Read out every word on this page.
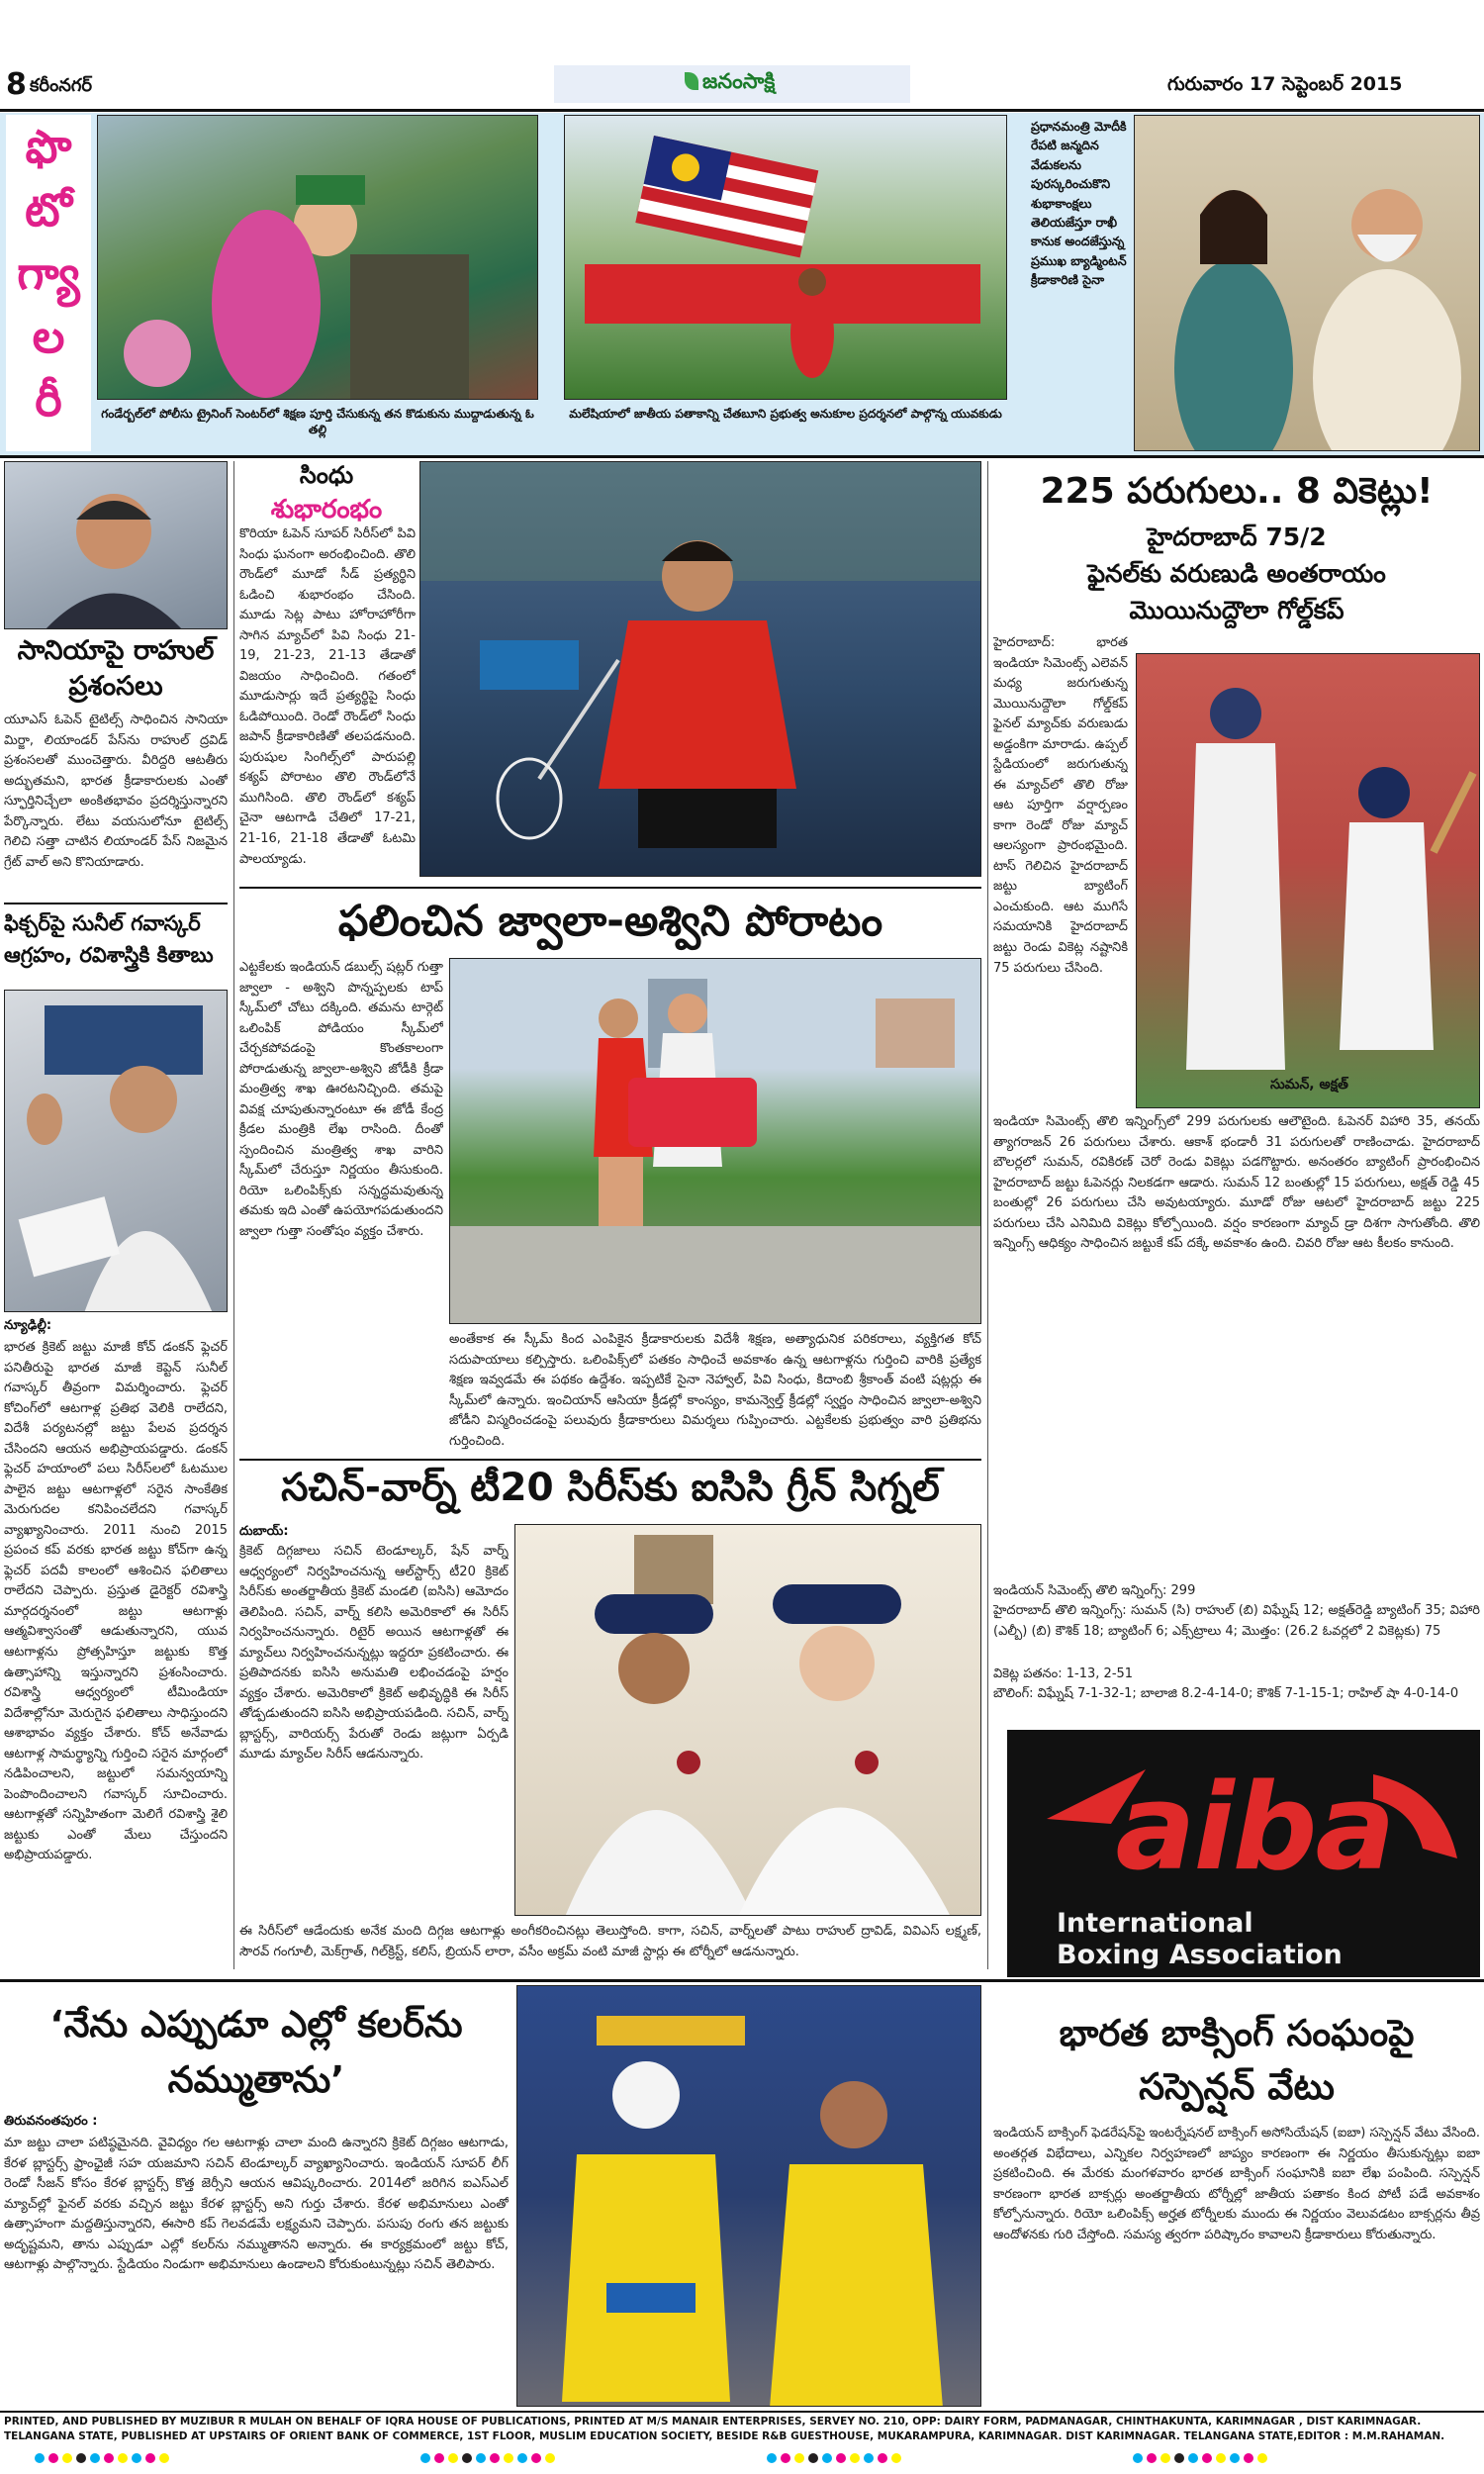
8 కరీంనగర్	జనంసాక్షి	గురువారం 17 సెప్టెంబర్ 2015
ఫొ
టో
గ్యా
ల
రీ	గండేర్బల్‌లో పోలీసు ట్రైనింగ్ సెంటర్‌లో శిక్షణ పూర్తి చేసుకున్న తన కొడుకును ముద్దాడుతున్న ఓ తల్లి
మలేషియాలో జాతీయ పతాకాన్ని చేతబూని ప్రభుత్వ అనుకూల ప్రదర్శనలో పాల్గొన్న యువకుడు
ప్రధానమంత్రి మోదీకి రేపటి జన్మదిన వేడుకలను పురస్కరించుకొని శుభాకాంక్షలు తెలియజేస్తూ రాఖీ కానుక అందజేస్తున్న ప్రముఖ బ్యాడ్మింటన్ క్రీడాకారిణి సైనా
సానియాపై రాహుల్ ప్రశంసలు
యూఎస్ ఓపెన్ టైటిల్స్ సాధించిన సానియా మిర్జా, లియాండర్ పేస్‌ను రాహుల్ ద్రవిడ్ ప్రశంసలతో ముంచెత్తారు. వీరిద్దరి ఆటతీరు అద్భుతమని, భారత క్రీడాకారులకు ఎంతో స్ఫూర్తినిచ్చేలా అంకితభావం ప్రదర్శిస్తున్నారని పేర్కొన్నారు. లేటు వయసులోనూ టైటిల్స్ గెలిచి సత్తా చాటిన లియాండర్ పేస్ నిజమైన గ్రేట్ వాల్ అని కొనియాడారు.
ఫిక్చర్‌పై సునీల్ గవాస్కర్
ఆగ్రహం, రవిశాస్త్రికి కితాబు
న్యూఢిల్లీ:
భారత క్రికెట్ జట్టు మాజీ కోచ్ డంకన్ ఫ్లెచర్ పనితీరుపై భారత మాజీ కెప్టెన్ సునీల్ గవాస్కర్ తీవ్రంగా విమర్శించారు. ఫ్లెచర్ కోచింగ్‌లో ఆటగాళ్ల ప్రతిభ వెలికి రాలేదని, విదేశీ పర్యటనల్లో జట్టు పేలవ ప్రదర్శన చేసిందని ఆయన అభిప్రాయపడ్డారు. డంకన్ ఫ్లెచర్ హయాంలో పలు సిరీస్‌లలో ఓటముల పాలైన జట్టు ఆటగాళ్లలో సరైన సాంకేతిక మెరుగుదల కనిపించలేదని గవాస్కర్ వ్యాఖ్యానించారు. 2011 నుంచి 2015 ప్రపంచ కప్ వరకు భారత జట్టు కోచ్‌గా ఉన్న ఫ్లెచర్ పదవీ కాలంలో ఆశించిన ఫలితాలు రాలేదని చెప్పారు. ప్రస్తుత డైరెక్టర్ రవిశాస్త్రి మార్గదర్శనంలో జట్టు ఆటగాళ్లు ఆత్మవిశ్వాసంతో ఆడుతున్నారని, యువ ఆటగాళ్లను ప్రోత్సహిస్తూ జట్టుకు కొత్త ఉత్సాహాన్ని ఇస్తున్నారని ప్రశంసించారు. రవిశాస్త్రి ఆధ్వర్యంలో టీమిండియా విదేశాల్లోనూ మెరుగైన ఫలితాలు సాధిస్తుందని ఆశాభావం వ్యక్తం చేశారు. కోచ్ అనేవాడు ఆటగాళ్ల సామర్థ్యాన్ని గుర్తించి సరైన మార్గంలో నడిపించాలని, జట్టులో సమన్వయాన్ని పెంపొందించాలని గవాస్కర్ సూచించారు. ఆటగాళ్లతో సన్నిహితంగా మెలిగే రవిశాస్త్రి శైలి జట్టుకు ఎంతో మేలు చేస్తుందని అభిప్రాయపడ్డారు.
సింధు
శుభారంభం
కొరియా ఓపెన్ సూపర్ సిరీస్‌లో పివి సింధు ఘనంగా అరంభించింది. తొలి రౌండ్‌లో మూడో సీడ్ ప్రత్యర్థిని ఓడించి శుభారంభం చేసింది. మూడు సెట్ల పాటు హోరాహోరీగా సాగిన మ్యాచ్‌లో పివి సింధు 21-19, 21-23, 21-13 తేడాతో విజయం సాధించింది. గతంలో మూడుసార్లు ఇదే ప్రత్యర్థిపై సింధు ఓడిపోయింది. రెండో రౌండ్‌లో సింధు జపాన్ క్రీడాకారిణితో తలపడనుంది. పురుషుల సింగిల్స్‌లో పారుపల్లి కశ్యప్ పోరాటం తొలి రౌండ్‌లోనే ముగిసింది. తొలి రౌండ్‌లో కశ్యప్ చైనా ఆటగాడి చేతిలో 17-21, 21-16, 21-18 తేడాతో ఓటమి పాలయ్యాడు.
ఫలించిన జ్వాలా-అశ్విని పోరాటం
ఎట్టకేలకు ఇండియన్ డబుల్స్ షట్లర్ గుత్తా జ్వాలా - అశ్విని పొన్నప్పలకు టాప్ స్కీమ్‌లో చోటు దక్కింది. తమను టార్గెట్ ఒలింపిక్ పోడియం స్కీమ్‌లో చేర్చకపోవడంపై కొంతకాలంగా పోరాడుతున్న జ్వాలా-అశ్విని జోడీకి క్రీడా మంత్రిత్వ శాఖ ఊరటనిచ్చింది. తమపై వివక్ష చూపుతున్నారంటూ ఈ జోడీ కేంద్ర క్రీడల మంత్రికి లేఖ రాసింది. దీంతో స్పందించిన మంత్రిత్వ శాఖ వారిని స్కీమ్‌లో చేరుస్తూ నిర్ణయం తీసుకుంది. రియో ఒలింపిక్స్‌కు సన్నద్ధమవుతున్న తమకు ఇది ఎంతో ఉపయోగపడుతుందని జ్వాలా గుత్తా సంతోషం వ్యక్తం చేశారు.
అంతేకాక ఈ స్కీమ్ కింద ఎంపికైన క్రీడాకారులకు విదేశీ శిక్షణ, అత్యాధునిక పరికరాలు, వ్యక్తిగత కోచ్ సదుపాయాలు కల్పిస్తారు. ఒలింపిక్స్‌లో పతకం సాధించే అవకాశం ఉన్న ఆటగాళ్లను గుర్తించి వారికి ప్రత్యేక శిక్షణ ఇవ్వడమే ఈ పథకం ఉద్దేశం. ఇప్పటికే సైనా నెహ్వాల్, పివి సింధు, కిదాంబి శ్రీకాంత్ వంటి షట్లర్లు ఈ స్కీమ్‌లో ఉన్నారు. ఇంచియాన్ ఆసియా క్రీడల్లో కాంస్యం, కామన్వెల్త్ క్రీడల్లో స్వర్ణం సాధించిన జ్వాలా-అశ్విని జోడీని విస్మరించడంపై పలువురు క్రీడాకారులు విమర్శలు గుప్పించారు. ఎట్టకేలకు ప్రభుత్వం వారి ప్రతిభను గుర్తించింది.
సచిన్-వార్న్ టీ20 సిరీస్‌కు ఐసిసి గ్రీన్ సిగ్నల్
దుబాయ్:
క్రికెట్ దిగ్గజాలు సచిన్ టెండూల్కర్, షేన్ వార్న్ ఆధ్వర్యంలో నిర్వహించనున్న ఆల్‌స్టార్స్ టీ20 క్రికెట్ సిరీస్‌కు అంతర్జాతీయ క్రికెట్ మండలి (ఐసిసి) ఆమోదం తెలిపింది. సచిన్, వార్న్ కలిసి అమెరికాలో ఈ సిరీస్ నిర్వహించనున్నారు. రిటైర్ అయిన ఆటగాళ్లతో ఈ మ్యాచ్‌లు నిర్వహించనున్నట్లు ఇద్దరూ ప్రకటించారు. ఈ ప్రతిపాదనకు ఐసిసి అనుమతి లభించడంపై హర్షం వ్యక్తం చేశారు. అమెరికాలో క్రికెట్ అభివృద్ధికి ఈ సిరీస్ తోడ్పడుతుందని ఐసిసి అభిప్రాయపడింది. సచిన్, వార్న్ బ్లాస్టర్స్, వారియర్స్ పేరుతో రెండు జట్లుగా ఏర్పడి మూడు మ్యాచ్‌ల సిరీస్ ఆడనున్నారు.
ఈ సిరీస్‌లో ఆడేందుకు అనేక మంది దిగ్గజ ఆటగాళ్లు అంగీకరించినట్లు తెలుస్తోంది. కాగా, సచిన్, వార్న్‌లతో పాటు రాహుల్ ద్రావిడ్, వివిఎస్ లక్ష్మణ్, సౌరవ్ గంగూలీ, మెక్‌గ్రాత్, గిల్‌క్రిస్ట్, కలిస్, బ్రియన్ లారా, వసీం అక్రమ్ వంటి మాజీ స్టార్లు ఈ టోర్నీలో ఆడనున్నారు.
225 పరుగులు.. 8 వికెట్లు!
హైదరాబాద్ 75/2
ఫైనల్‌కు వరుణుడి అంతరాయం
మొయినుద్దౌలా గోల్డ్‌కప్
హైదరాబాద్: భారత ఇండియా సిమెంట్స్ ఎలెవన్ మధ్య జరుగుతున్న మొయినుద్దౌలా గోల్డ్‌కప్ ఫైనల్ మ్యాచ్‌కు వరుణుడు అడ్డంకిగా మారాడు. ఉప్పల్ స్టేడియంలో జరుగుతున్న ఈ మ్యాచ్‌లో తొలి రోజు ఆట పూర్తిగా వర్షార్పణం కాగా రెండో రోజు మ్యాచ్ ఆలస్యంగా ప్రారంభమైంది. టాస్ గెలిచిన హైదరాబాద్ జట్టు బ్యాటింగ్ ఎంచుకుంది. ఆట ముగిసే సమయానికి హైదరాబాద్ జట్టు రెండు వికెట్ల నష్టానికి 75 పరుగులు చేసింది.
సుమన్, అక్షత్
ఇండియా సిమెంట్స్ తొలి ఇన్నింగ్స్‌లో 299 పరుగులకు ఆలౌటైంది. ఓపెనర్ విహారి 35, తనయ్ త్యాగరాజన్ 26 పరుగులు చేశారు. ఆకాశ్ భండారీ 31 పరుగులతో రాణించాడు. హైదరాబాద్ బౌలర్లలో సుమన్, రవికిరణ్ చెరో రెండు వికెట్లు పడగొట్టారు. అనంతరం బ్యాటింగ్ ప్రారంభించిన హైదరాబాద్ జట్టు ఓపెనర్లు నిలకడగా ఆడారు. సుమన్ 12 బంతుల్లో 15 పరుగులు, అక్షత్ రెడ్డి 45 బంతుల్లో 26 పరుగులు చేసి అవుటయ్యారు. మూడో రోజు ఆటలో హైదరాబాద్ జట్టు 225 పరుగులు చేసి ఎనిమిది వికెట్లు కోల్పోయింది. వర్షం కారణంగా మ్యాచ్ డ్రా దిశగా సాగుతోంది. తొలి ఇన్నింగ్స్ ఆధిక్యం సాధించిన జట్టుకే కప్ దక్కే అవకాశం ఉంది. చివరి రోజు ఆట కీలకం కానుంది.
ఇండియన్ సిమెంట్స్ తొలి ఇన్నింగ్స్: 299
హైదరాబాద్ తొలి ఇన్నింగ్స్: సుమన్ (సి) రాహుల్ (బి) విఘ్నేష్ 12; అక్షత్‌రెడ్డి బ్యాటింగ్ 35; విహారి (ఎల్బీ) (బి) కౌశిక్ 18; బ్యాటింగ్ 6; ఎక్స్‌ట్రాలు 4; మొత్తం: (26.2 ఓవర్లలో 2 వికెట్లకు) 75
వికెట్ల పతనం: 1-13, 2-51
బౌలింగ్: విఘ్నేష్ 7-1-32-1; బాలాజి 8.2-4-14-0; కౌశిక్ 7-1-15-1; రాహిల్ షా 4-0-14-0
aiba
International
Boxing Association
‘నేను ఎప్పుడూ ఎల్లో కలర్‌ను
నమ్ముతాను’
తిరువనంతపురం :
మా జట్టు చాలా పటిష్ఠమైనది. వైవిధ్యం గల ఆటగాళ్లు చాలా మంది ఉన్నారని క్రికెట్ దిగ్గజం ఆటగాడు, కేరళ బ్లాస్టర్స్ ఫ్రాంఛైజీ సహ యజమాని సచిన్ టెండూల్కర్ వ్యాఖ్యానించారు. ఇండియన్ సూపర్ లీగ్ రెండో సీజన్ కోసం కేరళ బ్లాస్టర్స్ కొత్త జెర్సీని ఆయన ఆవిష్కరించారు. 2014లో జరిగిన ఐఎస్‌ఎల్ మ్యాచ్‌ల్లో ఫైనల్ వరకు వచ్చిన జట్టు కేరళ బ్లాస్టర్స్ అని గుర్తు చేశారు. కేరళ అభిమానులు ఎంతో ఉత్సాహంగా మద్దతిస్తున్నారని, ఈసారి కప్ గెలవడమే లక్ష్యమని చెప్పారు. పసుపు రంగు తన జట్టుకు అదృష్టమని, తాను ఎప్పుడూ ఎల్లో కలర్‌ను నమ్ముతానని అన్నారు. ఈ కార్యక్రమంలో జట్టు కోచ్, ఆటగాళ్లు పాల్గొన్నారు. స్టేడియం నిండుగా అభిమానులు ఉండాలని కోరుకుంటున్నట్లు సచిన్ తెలిపారు.
భారత బాక్సింగ్ సంఘంపై
సస్పెన్షన్ వేటు
ఇండియన్ బాక్సింగ్ ఫెడరేషన్‌పై ఇంటర్నేషనల్ బాక్సింగ్ అసోసియేషన్ (ఐబా) సస్పెన్షన్ వేటు వేసింది. అంతర్గత విభేదాలు, ఎన్నికల నిర్వహణలో జాప్యం కారణంగా ఈ నిర్ణయం తీసుకున్నట్లు ఐబా ప్రకటించింది. ఈ మేరకు మంగళవారం భారత బాక్సింగ్ సంఘానికి ఐబా లేఖ పంపింది. సస్పెన్షన్ కారణంగా భారత బాక్సర్లు అంతర్జాతీయ టోర్నీల్లో జాతీయ పతాకం కింద పోటీ పడే అవకాశం కోల్పోనున్నారు. రియో ఒలింపిక్స్ అర్హత టోర్నీలకు ముందు ఈ నిర్ణయం వెలువడటం బాక్సర్లను తీవ్ర ఆందోళనకు గురి చేస్తోంది. సమస్య త్వరగా పరిష్కారం కావాలని క్రీడాకారులు కోరుతున్నారు.
PRINTED, AND PUBLISHED BY MUZIBUR R MULAH ON BEHALF OF IQRA HOUSE OF PUBLICATIONS, PRINTED AT M/S MANAIR ENTERPRISES, SERVEY NO. 210, OPP: DAIRY FORM, PADMANAGAR, CHINTHAKUNTA, KARIMNAGAR , DIST KARIMNAGAR.
TELANGANA STATE, PUBLISHED AT UPSTAIRS OF ORIENT BANK OF COMMERCE, 1ST FLOOR, MUSLIM EDUCATION SOCIETY, BESIDE R&B GUESTHOUSE, MUKARAMPURA, KARIMNAGAR. DIST KARIMNAGAR. TELANGANA STATE,EDITOR : M.M.RAHAMAN.
